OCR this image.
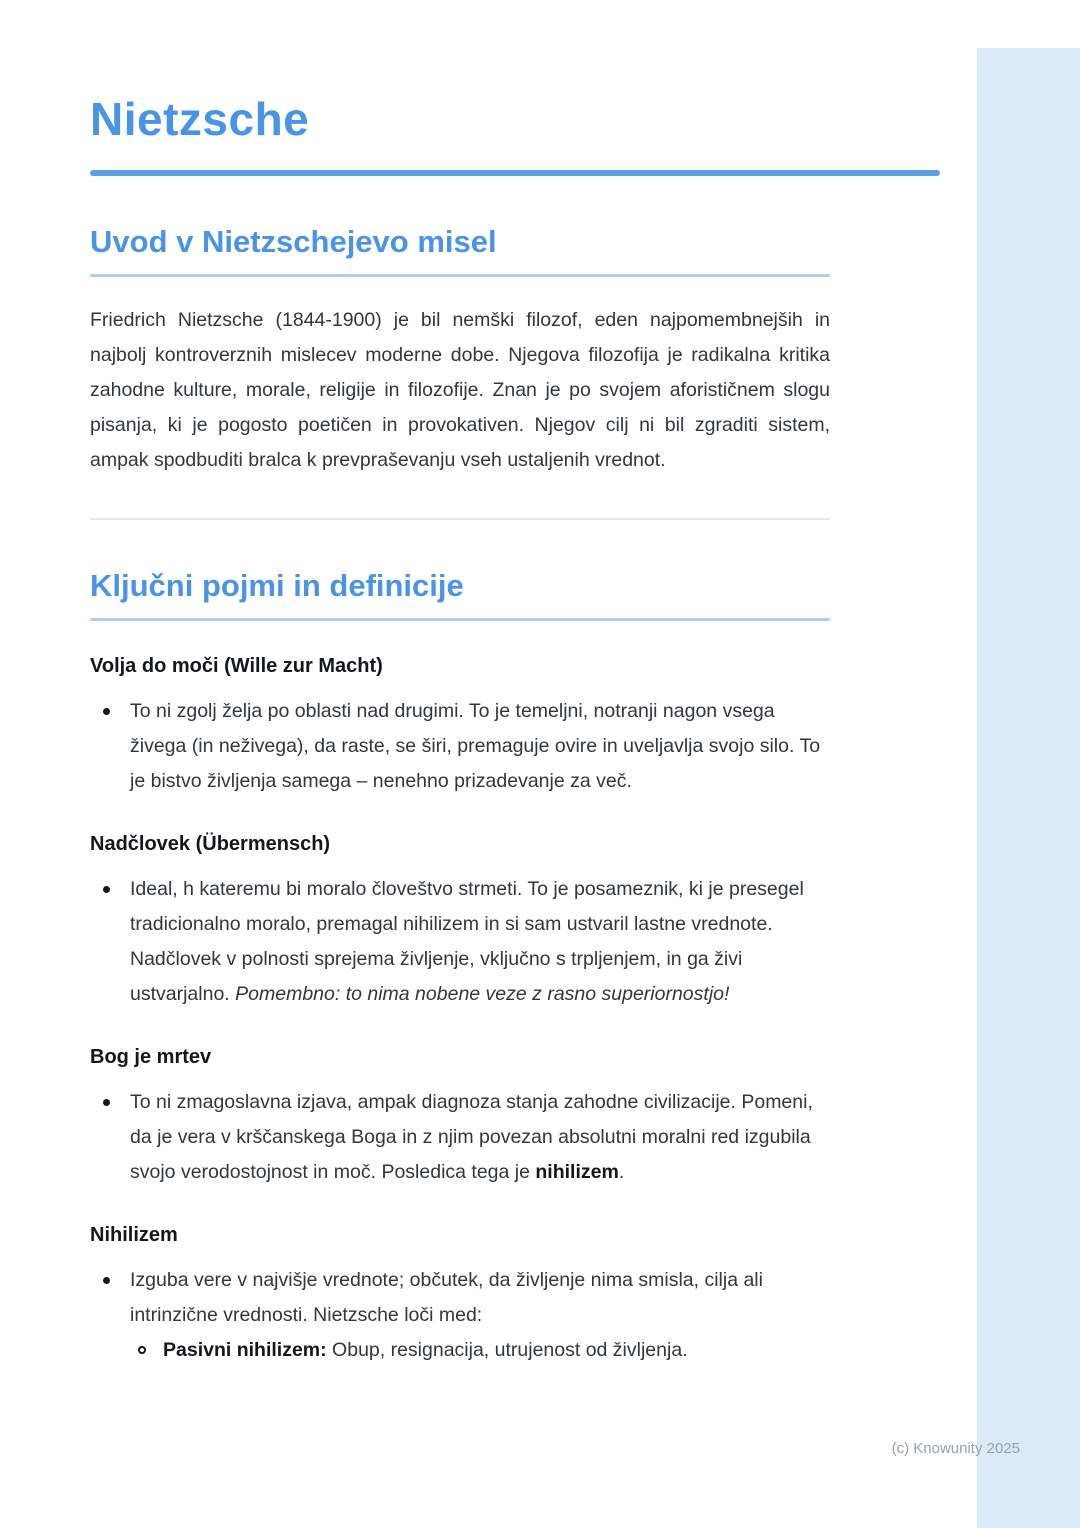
Nietzsche
Uvod v Nietzschejevo misel

Friedrich Nietzsche (1844-1900) je bil nemški filozof, eden najpomembnejših in najbolj kontroverznih mislecev moderne dobe. Njegova filozofija je radikalna kritika zahodne kulture, morale, religije in filozofije. Znan je po svojem aforističnem slogu pisanja, ki je pogosto poetičen in provokativen. Njegov cilj ni bil zgraditi sistem, ampak spodbuditi bralca k prevpraševanju vseh ustaljenih vrednot.

Ključni pojmi in definicije
Volja do moči (Wille zur Macht)

To ni zgolj želja po oblasti nad drugimi. To je temeljni, notranji nagon vsega živega (in neživega), da raste, se širi, premaguje ovire in uveljavlja svojo silo. To je bistvo življenja samega – nenehno prizadevanje za več.

Nadčlovek (Übermensch)

Ideal, h kateremu bi moralo človeštvo strmeti. To je posameznik, ki je presegel tradicionalno moralo, premagal nihilizem in si sam ustvaril lastne vrednote. Nadčlovek v polnosti sprejema življenje, vključno s trpljenjem, in ga živi ustvarjalno. Pomembno: to nima nobene veze z rasno superiornostjo!

Bog je mrtev

To ni zmagoslavna izjava, ampak diagnoza stanja zahodne civilizacije. Pomeni, da je vera v krščanskega Boga in z njim povezan absolutni moralni red izgubila svojo verodostojnost in moč. Posledica tega je nihilizem.

Nihilizem

Izguba vere v najvišje vrednote; občutek, da življenje nima smisla, cilja ali intrinzične vrednosti. Nietzsche loči med:

Pasivni nihilizem: Obup, resignacija, utrujenost od življenja.

(c) Knowunity 2025
